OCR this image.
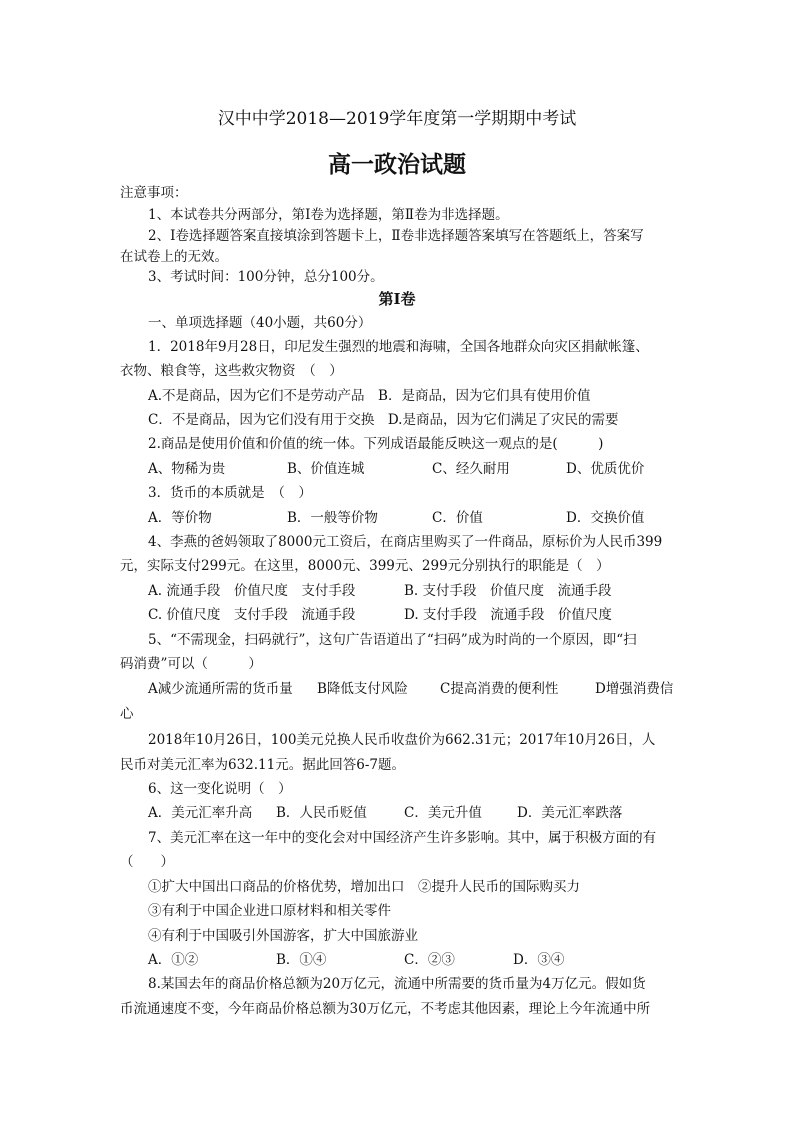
汉中中学2018—2019学年度第一学期期中考试
高一政治试题
注意事项：
1、本试卷共分两部分，第Ⅰ卷为选择题，第Ⅱ卷为非选择题。
2、Ⅰ卷选择题答案直接填涂到答题卡上，Ⅱ卷非选择题答案填写在答题纸上，答案写
在试卷上的无效。
3、考试时间：100分钟，总分100分。
第Ⅰ卷
一、单项选择题（40小题，共60分）
1．2018年9月28日，印尼发生强烈的地震和海啸，全国各地群众向灾区捐献帐篷、
衣物、粮食等，这些救灾物资　（　）
A.不是商品，因为它们不是劳动产品　B．是商品，因为它们具有使用价值
C．不是商品，因为它们没有用于交换　D.是商品，因为它们满足了灾民的需要
2.商品是使用价值和价值的统一体。下列成语最能反映这一观点的是(　　　)
A、物稀为贵	B、价值连城	C、经久耐用	D、优质优价
3．货币的本质就是　（　）
A．等价物	B．一般等价物	C．价值	D．交换价值
4、李燕的爸妈领取了8000元工资后，在商店里购买了一件商品，原标价为人民币399
元，实际支付299元。在这里，8000元、399元、299元分别执行的职能是（　）
A. 流通手段　价值尺度　支付手段	B. 支付手段　价值尺度　流通手段
C. 价值尺度　支付手段　流通手段	D. 支付手段　流通手段　价值尺度
5、“不需现金，扫码就行”，这句广告语道出了“扫码”成为时尚的一个原因，即“扫
码消费”可以（　　　）
A减少流通所需的货币量 B降低支付风险 C提高消费的便利性	D增强消费信
心
2018年10月26日，100美元兑换人民币收盘价为662.31元；2017年10月26日，人
民币对美元汇率为632.11元。据此回答6-7题。
6、这一变化说明（　）
A．美元汇率升高 B．人民币贬值	C．美元升值	D．美元汇率跌落
7、美元汇率在这一年中的变化会对中国经济产生许多影响。其中，属于积极方面的有
（　　）
①扩大中国出口商品的价格优势，增加出口　②提升人民币的国际购买力
③有利于中国企业进口原材料和相关零件
④有利于中国吸引外国游客，扩大中国旅游业
A．①②	B．①④	C．②③	D．③④
8.某国去年的商品价格总额为20万亿元，流通中所需要的货币量为4万亿元。假如货
币流通速度不变，今年商品价格总额为30万亿元，不考虑其他因素，理论上今年流通中所
